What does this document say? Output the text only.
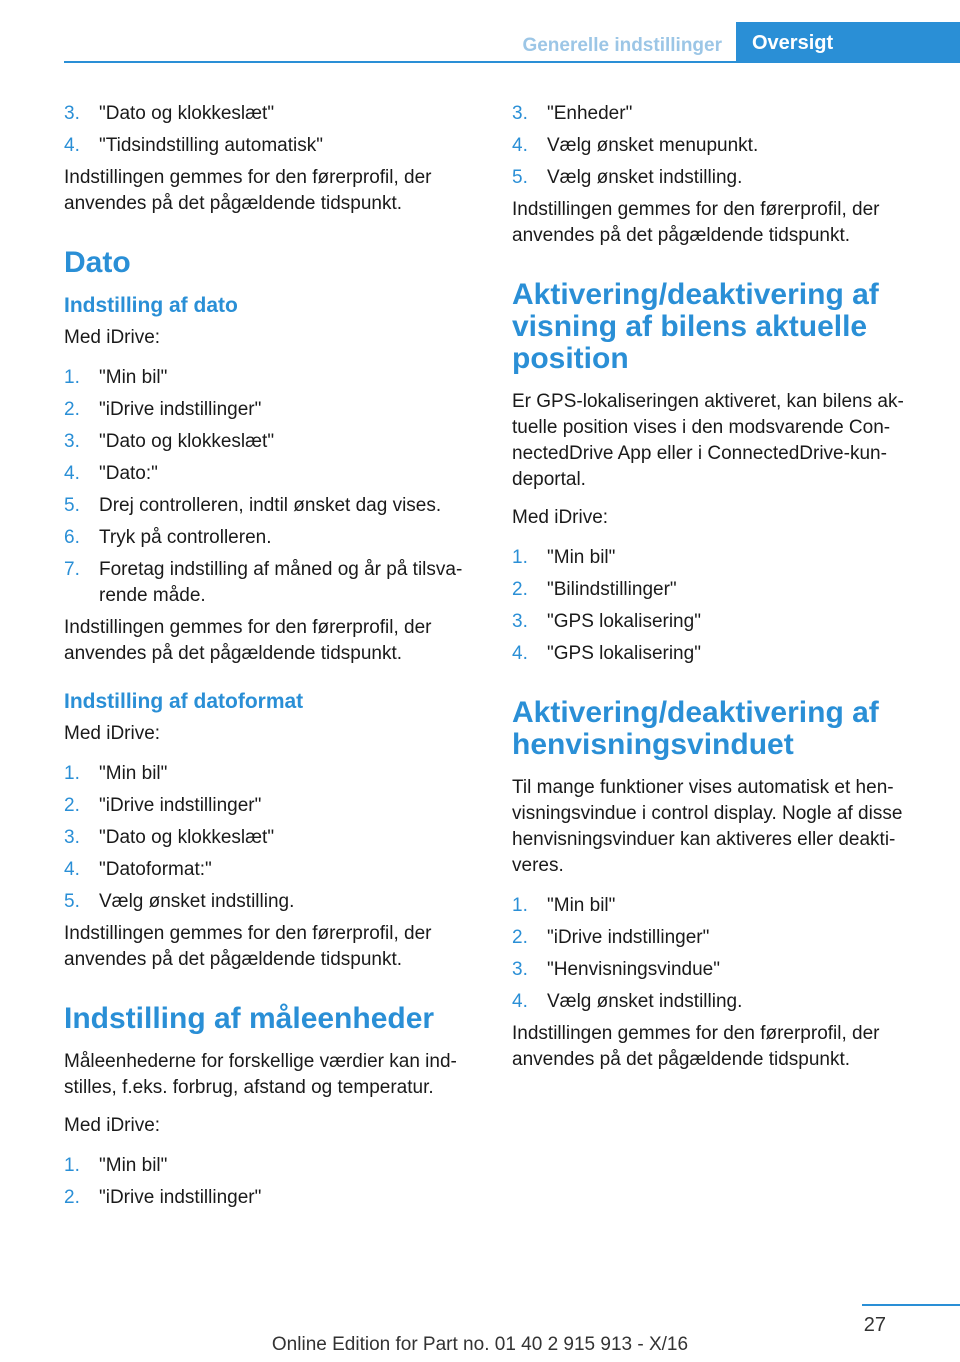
Generelle indstillinger	Oversigt
3. "Dato og klokkeslæt"
4. "Tidsindstilling automatisk"

Indstillingen gemmes for den førerprofil, der anvendes på det pågældende tidspunkt.

Dato
Indstilling af dato

Med iDrive:

1. "Min bil"
2. "iDrive indstillinger"
3. "Dato og klokkeslæt"
4. "Dato:"
5. Drej controlleren, indtil ønsket dag vises.
6. Tryk på controlleren.
7. Foretag indstilling af måned og år på tilsva-rende måde.

Indstillingen gemmes for den førerprofil, der anvendes på det pågældende tidspunkt.

Indstilling af datoformat

Med iDrive:

1. "Min bil"
2. "iDrive indstillinger"
3. "Dato og klokkeslæt"
4. "Datoformat:"
5. Vælg ønsket indstilling.

Indstillingen gemmes for den førerprofil, der anvendes på det pågældende tidspunkt.

Indstilling af måleenheder

Måleenhederne for forskellige værdier kan ind-stilles, f.eks. forbrug, afstand og temperatur.

Med iDrive:

1. "Min bil"
2. "iDrive indstillinger"
3. "Enheder"
4. Vælg ønsket menupunkt.
5. Vælg ønsket indstilling.

Indstillingen gemmes for den førerprofil, der anvendes på det pågældende tidspunkt.

Aktivering/deaktivering af visning af bilens aktuelle position

Er GPS-lokaliseringen aktiveret, kan bilens ak-tuelle position vises i den modsvarende Con-nectedDrive App eller i ConnectedDrive-kun-deportal.

Med iDrive:

1. "Min bil"
2. "Bilindstillinger"
3. "GPS lokalisering"
4. "GPS lokalisering"
Aktivering/deaktivering af henvisningsvinduet

Til mange funktioner vises automatisk et hen-visningsvindue i control display. Nogle af disse henvisningsvinduer kan aktiveres eller deakti-veres.

1. "Min bil"
2. "iDrive indstillinger"
3. "Henvisningsvindue"
4. Vælg ønsket indstilling.

Indstillingen gemmes for den førerprofil, der anvendes på det pågældende tidspunkt.

27
Online Edition for Part no. 01 40 2 915 913 - X/16
